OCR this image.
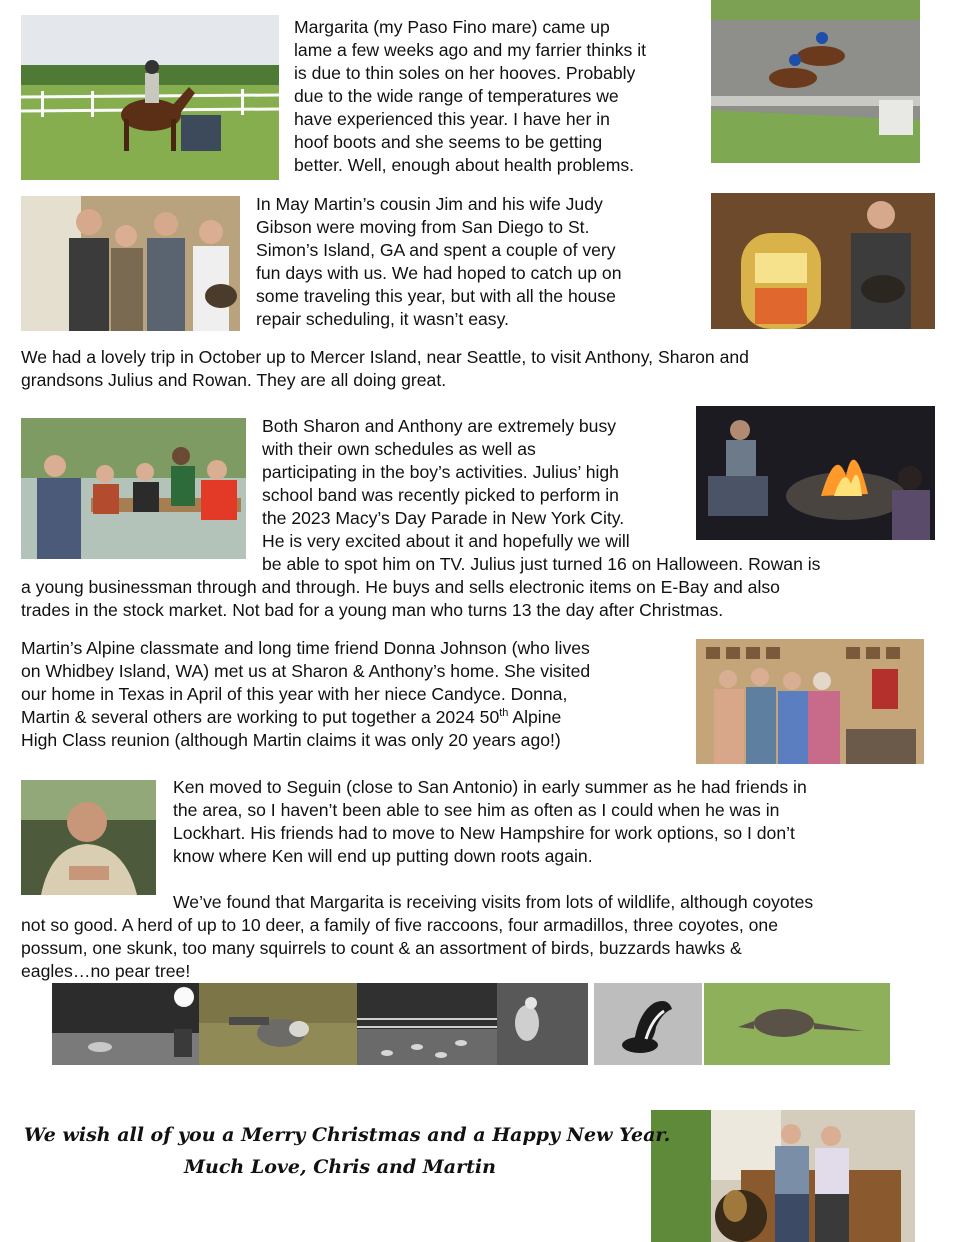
Margarita (my Paso Fino mare) came up
lame a few weeks ago and my farrier thinks it
is due to thin soles on her hooves. Probably
due to the wide range of temperatures we
have experienced this year. I have her in
hoof boots and she seems to be getting
better. Well, enough about health problems.
In May Martin’s cousin Jim and his wife Judy
Gibson were moving from San Diego to St.
Simon’s Island, GA and spent a couple of very
fun days with us. We had hoped to catch up on
some traveling this year, but with all the house
repair scheduling, it wasn’t easy.
We had a lovely trip in October up to Mercer Island, near Seattle, to visit Anthony, Sharon and
grandsons Julius and Rowan. They are all doing great.
Both Sharon and Anthony are extremely busy
with their own schedules as well as
participating in the boy’s activities. Julius’ high
school band was recently picked to perform in
the 2023 Macy’s Day Parade in New York City.
He is very excited about it and hopefully we will
be able to spot him on TV. Julius just turned 16 on Halloween. Rowan is
a young businessman through and through. He buys and sells electronic items on E-Bay and also
trades in the stock market. Not bad for a young man who turns 13 the day after Christmas.
Martin’s Alpine classmate and long time friend Donna Johnson (who lives
on Whidbey Island, WA) met us at Sharon & Anthony’s home. She visited
our home in Texas in April of this year with her niece Candyce. Donna,
Martin & several others are working to put together a 2024 50th Alpine
High Class reunion (although Martin claims it was only 20 years ago!)
Ken moved to Seguin (close to San Antonio) in early summer as he had friends in
the area, so I haven’t been able to see him as often as I could when he was in
Lockhart. His friends had to move to New Hampshire for work options, so I don’t
know where Ken will end up putting down roots again.
We’ve found that Margarita is receiving visits from lots of wildlife, although coyotes
not so good. A herd of up to 10 deer, a family of five raccoons, four armadillos, three coyotes, one
possum, one skunk, too many squirrels to count & an assortment of birds, buzzards hawks &
eagles…no pear tree!
We wish all of you a Merry Christmas and a Happy New Year.
Much Love, Chris and Martin
